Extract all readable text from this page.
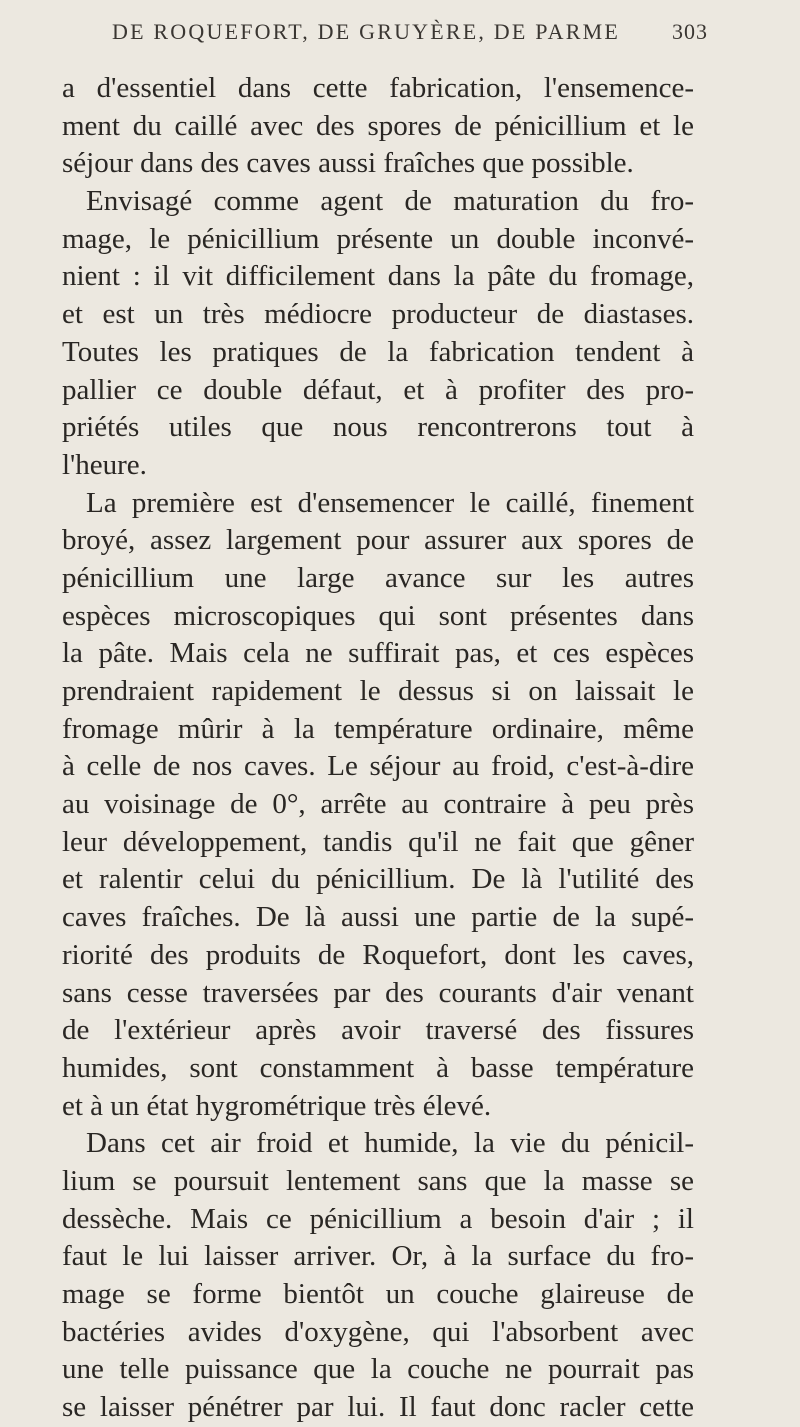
DE ROQUEFORT, DE GRUYÈRE, DE PARME 303
a d'essentiel dans cette fabrication, l'ensemence-
ment du caillé avec des spores de pénicillium et le
séjour dans des caves aussi fraîches que possible.
Envisagé comme agent de maturation du fro-
mage, le pénicillium présente un double inconvé-
nient : il vit difficilement dans la pâte du fromage,
et est un très médiocre producteur de diastases.
Toutes les pratiques de la fabrication tendent à
pallier ce double défaut, et à profiter des pro-
priétés utiles que nous rencontrerons tout à
l'heure.
La première est d'ensemencer le caillé, finement
broyé, assez largement pour assurer aux spores de
pénicillium une large avance sur les autres
espèces microscopiques qui sont présentes dans
la pâte. Mais cela ne suffirait pas, et ces espèces
prendraient rapidement le dessus si on laissait le
fromage mûrir à la température ordinaire, même
à celle de nos caves. Le séjour au froid, c'est-à-dire
au voisinage de 0°, arrête au contraire à peu près
leur développement, tandis qu'il ne fait que gêner
et ralentir celui du pénicillium. De là l'utilité des
caves fraîches. De là aussi une partie de la supé-
riorité des produits de Roquefort, dont les caves,
sans cesse traversées par des courants d'air venant
de l'extérieur après avoir traversé des fissures
humides, sont constamment à basse température
et à un état hygrométrique très élevé.
Dans cet air froid et humide, la vie du pénicil-
lium se poursuit lentement sans que la masse se
dessèche. Mais ce pénicillium a besoin d'air ; il
faut le lui laisser arriver. Or, à la surface du fro-
mage se forme bientôt un couche glaireuse de
bactéries avides d'oxygène, qui l'absorbent avec
une telle puissance que la couche ne pourrait pas
se laisser pénétrer par lui. Il faut donc racler cette
